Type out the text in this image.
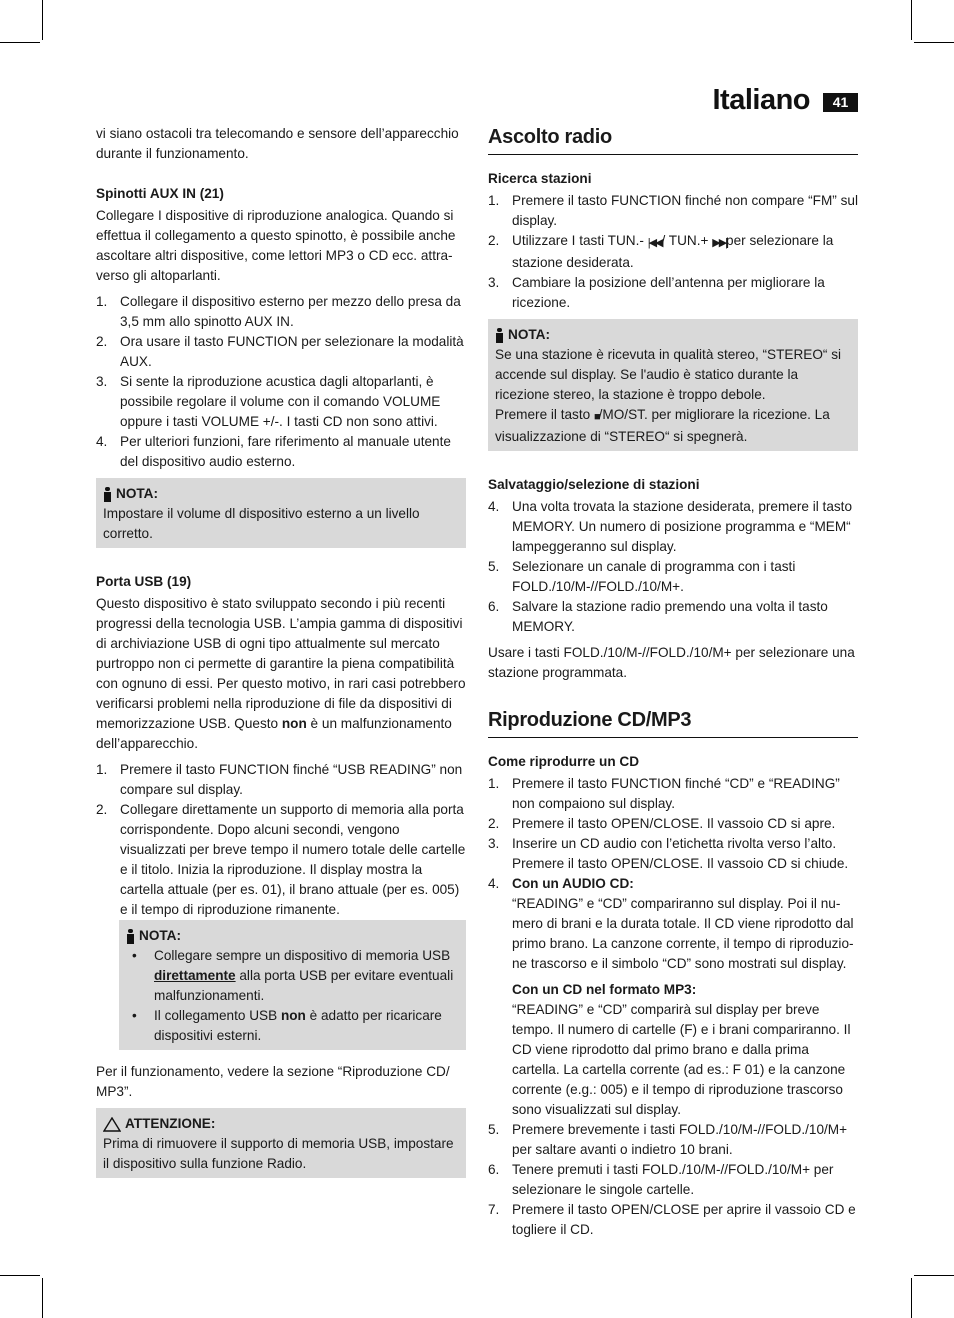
Italiano	41

vi siano ostacoli tra telecomando e sensore dell’apparecchio durante il funzionamento.

Spinotti AUX IN (21)

Collegare I dispositive di riproduzione analogica. Quando si effettua il collegamento a questo spinotto, è possibile anche ascoltare altri dispositive, come lettori MP3 o CD ecc. attra-verso gli altoparlanti.

1. Collegare il dispositivo esterno per mezzo dello presa da 3,5 mm allo spinotto AUX IN.
2. Ora usare il tasto FUNCTION per selezionare la modalità AUX.
3. Si sente la riproduzione acustica dagli altoparlanti, è possibile regolare il volume con il comando VOLUME oppure i tasti VOLUME +/-. I tasti CD non sono attivi.
4. Per ulteriori funzioni, fare riferimento al manuale utente del dispositivo audio esterno.
NOTA:

Impostare il volume dl dispositivo esterno a un livello corretto.

Porta USB (19)

Questo dispositivo è stato sviluppato secondo i più recenti progressi della tecnologia USB. L’ampia gamma di dispositivi di archiviazione USB di ogni tipo attualmente sul mercato purtroppo non ci permette di garantire la piena compatibilità con ognuno di essi. Per questo motivo, in rari casi potrebbero verificarsi problemi nella riproduzione di file da dispositivi di memorizzazione USB. Questo non è un malfunzionamento dell’apparecchio.

1. Premere il tasto FUNCTION finché “USB READING” non compare sul display.
2. Collegare direttamente un supporto di memoria alla porta corrispondente. Dopo alcuni secondi, vengono visualizzati per breve tempo il numero totale delle cartelle e il titolo. Inizia la riproduzione. Il display mostra la cartella attuale (per es. 01), il brano attuale (per es. 005) e il tempo di riproduzione rimanente.
NOTA:
• Collegare sempre un dispositivo di memoria USB direttamente alla porta USB per evitare eventuali malfunzionamenti.
• Il collegamento USB non è adatto per ricaricare dispositivi esterni.

Per il funzionamento, vedere la sezione “Riproduzione CD/ MP3”.

ATTENZIONE:

Prima di rimuovere il supporto di memoria USB, impostare il dispositivo sulla funzione Radio.

Ascolto radio

Ricerca stazioni

1. Premere il tasto FUNCTION finché non compare “FM” sul display.
2. Utilizzare I tasti TUN.- |◀◀/ TUN.+ ▶▶|per selezionare la stazione desiderata.
3. Cambiare la posizione dell’antenna per migliorare la ricezione.
NOTA:

Se una stazione è ricevuta in qualità stereo, “STEREO“ si accende sul display. Se l'audio è statico durante la ricezione stereo, la stazione è troppo debole.

Premere il tasto ■/MO/ST. per migliorare la ricezione. La visualizzazione di “STEREO“ si spegnerà.

Salvataggio/selezione di stazioni

4. Una volta trovata la stazione desiderata, premere il tasto MEMORY. Un numero di posizione programma e “MEM“ lampeggeranno sul display.
5. Selezionare un canale di programma con i tasti FOLD./10/M-//FOLD./10/M+.
6. Salvare la stazione radio premendo una volta il tasto MEMORY.

Usare i tasti FOLD./10/M-//FOLD./10/M+ per selezionare una stazione programmata.

Riproduzione CD/MP3

Come riprodurre un CD

1. Premere il tasto FUNCTION finché “CD” e “READING” non compaiono sul display.
2. Premere il tasto OPEN/CLOSE. Il vassoio CD si apre.
3. Inserire un CD audio con l’etichetta rivolta verso l’alto. Premere il tasto OPEN/CLOSE. Il vassoio CD si chiude.
4. Con un AUDIO CD:

“READING” e “CD” compariranno sul display. Poi il nu-mero di brani e la durata totale. Il CD viene riprodotto dal primo brano. La canzone corrente, il tempo di riproduzio-ne trascorso e il simbolo “CD” sono mostrati sul display.

Con un CD nel formato MP3:

“READING” e “CD” comparirà sul display per breve tempo. Il numero di cartelle (F) e i brani compariranno. Il CD viene riprodotto dal primo brano e dalla prima cartella. La cartella corrente (ad es.: F 01) e la canzone corrente (e.g.: 005) e il tempo di riproduzione trascorso sono visualizzati sul display.

5. Premere brevemente i tasti FOLD./10/M-//FOLD./10/M+ per saltare avanti o indietro 10 brani.
6. Tenere premuti i tasti FOLD./10/M-//FOLD./10/M+ per selezionare le singole cartelle.
7. Premere il tasto OPEN/CLOSE per aprire il vassoio CD e togliere il CD.
